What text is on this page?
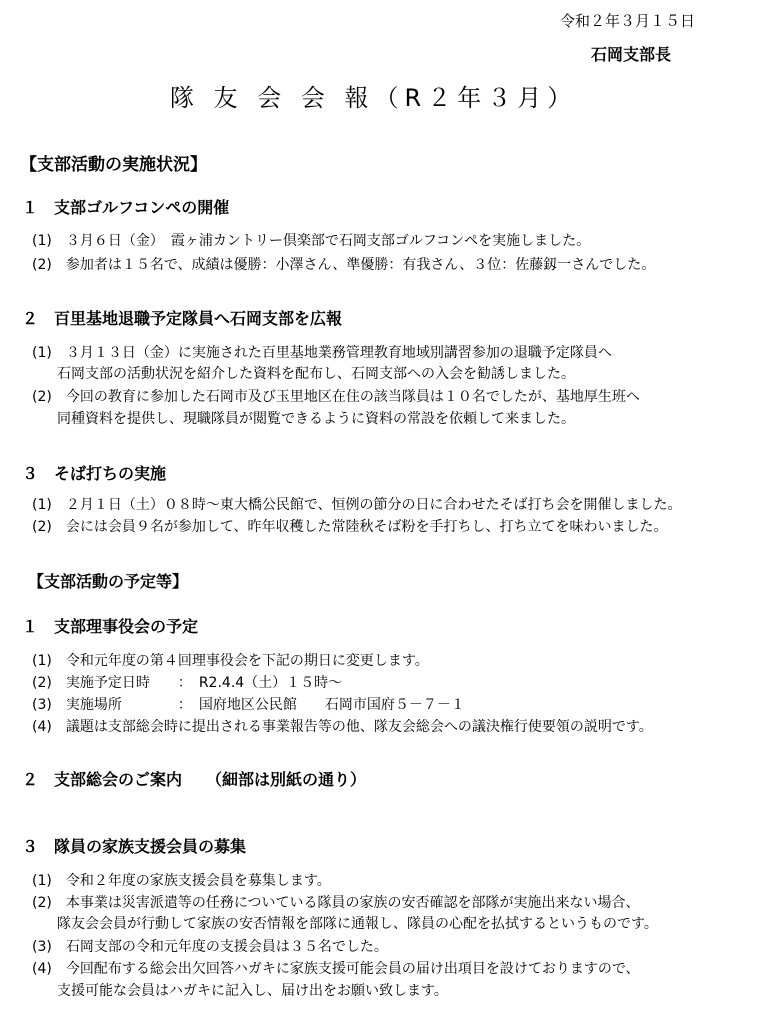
令和２年３月１５日
石岡支部長
隊 友 会 会 報（R２年３月）
【支部活動の実施状況】
１　支部ゴルフコンペの開催
(1)　３月６日（金）　霞ヶ浦カントリー倶楽部で石岡支部ゴルフコンペを実施しました。
(2)　参加者は１５名で、成績は優勝：小澤さん、準優勝：有我さん、３位：佐藤釼一さんでした。
２　百里基地退職予定隊員へ石岡支部を広報
(1)　３月１３日（金）に実施された百里基地業務管理教育地域別講習参加の退職予定隊員へ
石岡支部の活動状況を紹介した資料を配布し、石岡支部への入会を勧誘しました。
(2)　今回の教育に参加した石岡市及び玉里地区在住の該当隊員は１０名でしたが、基地厚生班へ
同種資料を提供し、現職隊員が閲覧できるように資料の常設を依頼して来ました。
３　そば打ちの実施
(1)　２月１日（土）０８時～東大橋公民館で、恒例の節分の日に合わせたそば打ち会を開催しました。
(2)　会には会員９名が参加して、昨年収穫した常陸秋そば粉を手打ちし、打ち立てを味わいました。
【支部活動の予定等】
１　支部理事役会の予定
(1)　令和元年度の第４回理事役会を下記の期日に変更します。
(2)　実施予定日時　　：　R2.4.4（土）１５時～
(3)　実施場所　　　　：　国府地区公民館　　石岡市国府５－７－１
(4)　議題は支部総会時に提出される事業報告等の他、隊友会総会への議決権行使要領の説明です。
２　支部総会のご案内　　（細部は別紙の通り）
３　隊員の家族支援会員の募集
(1)　令和２年度の家族支援会員を募集します。
(2)　本事業は災害派遣等の任務についている隊員の家族の安否確認を部隊が実施出来ない場合、
隊友会会員が行動して家族の安否情報を部隊に通報し、隊員の心配を払拭するというものです。
(3)　石岡支部の令和元年度の支援会員は３５名でした。
(4)　今回配布する総会出欠回答ハガキに家族支援可能会員の届け出項目を設けておりますので、
支援可能な会員はハガキに記入し、届け出をお願い致します。
